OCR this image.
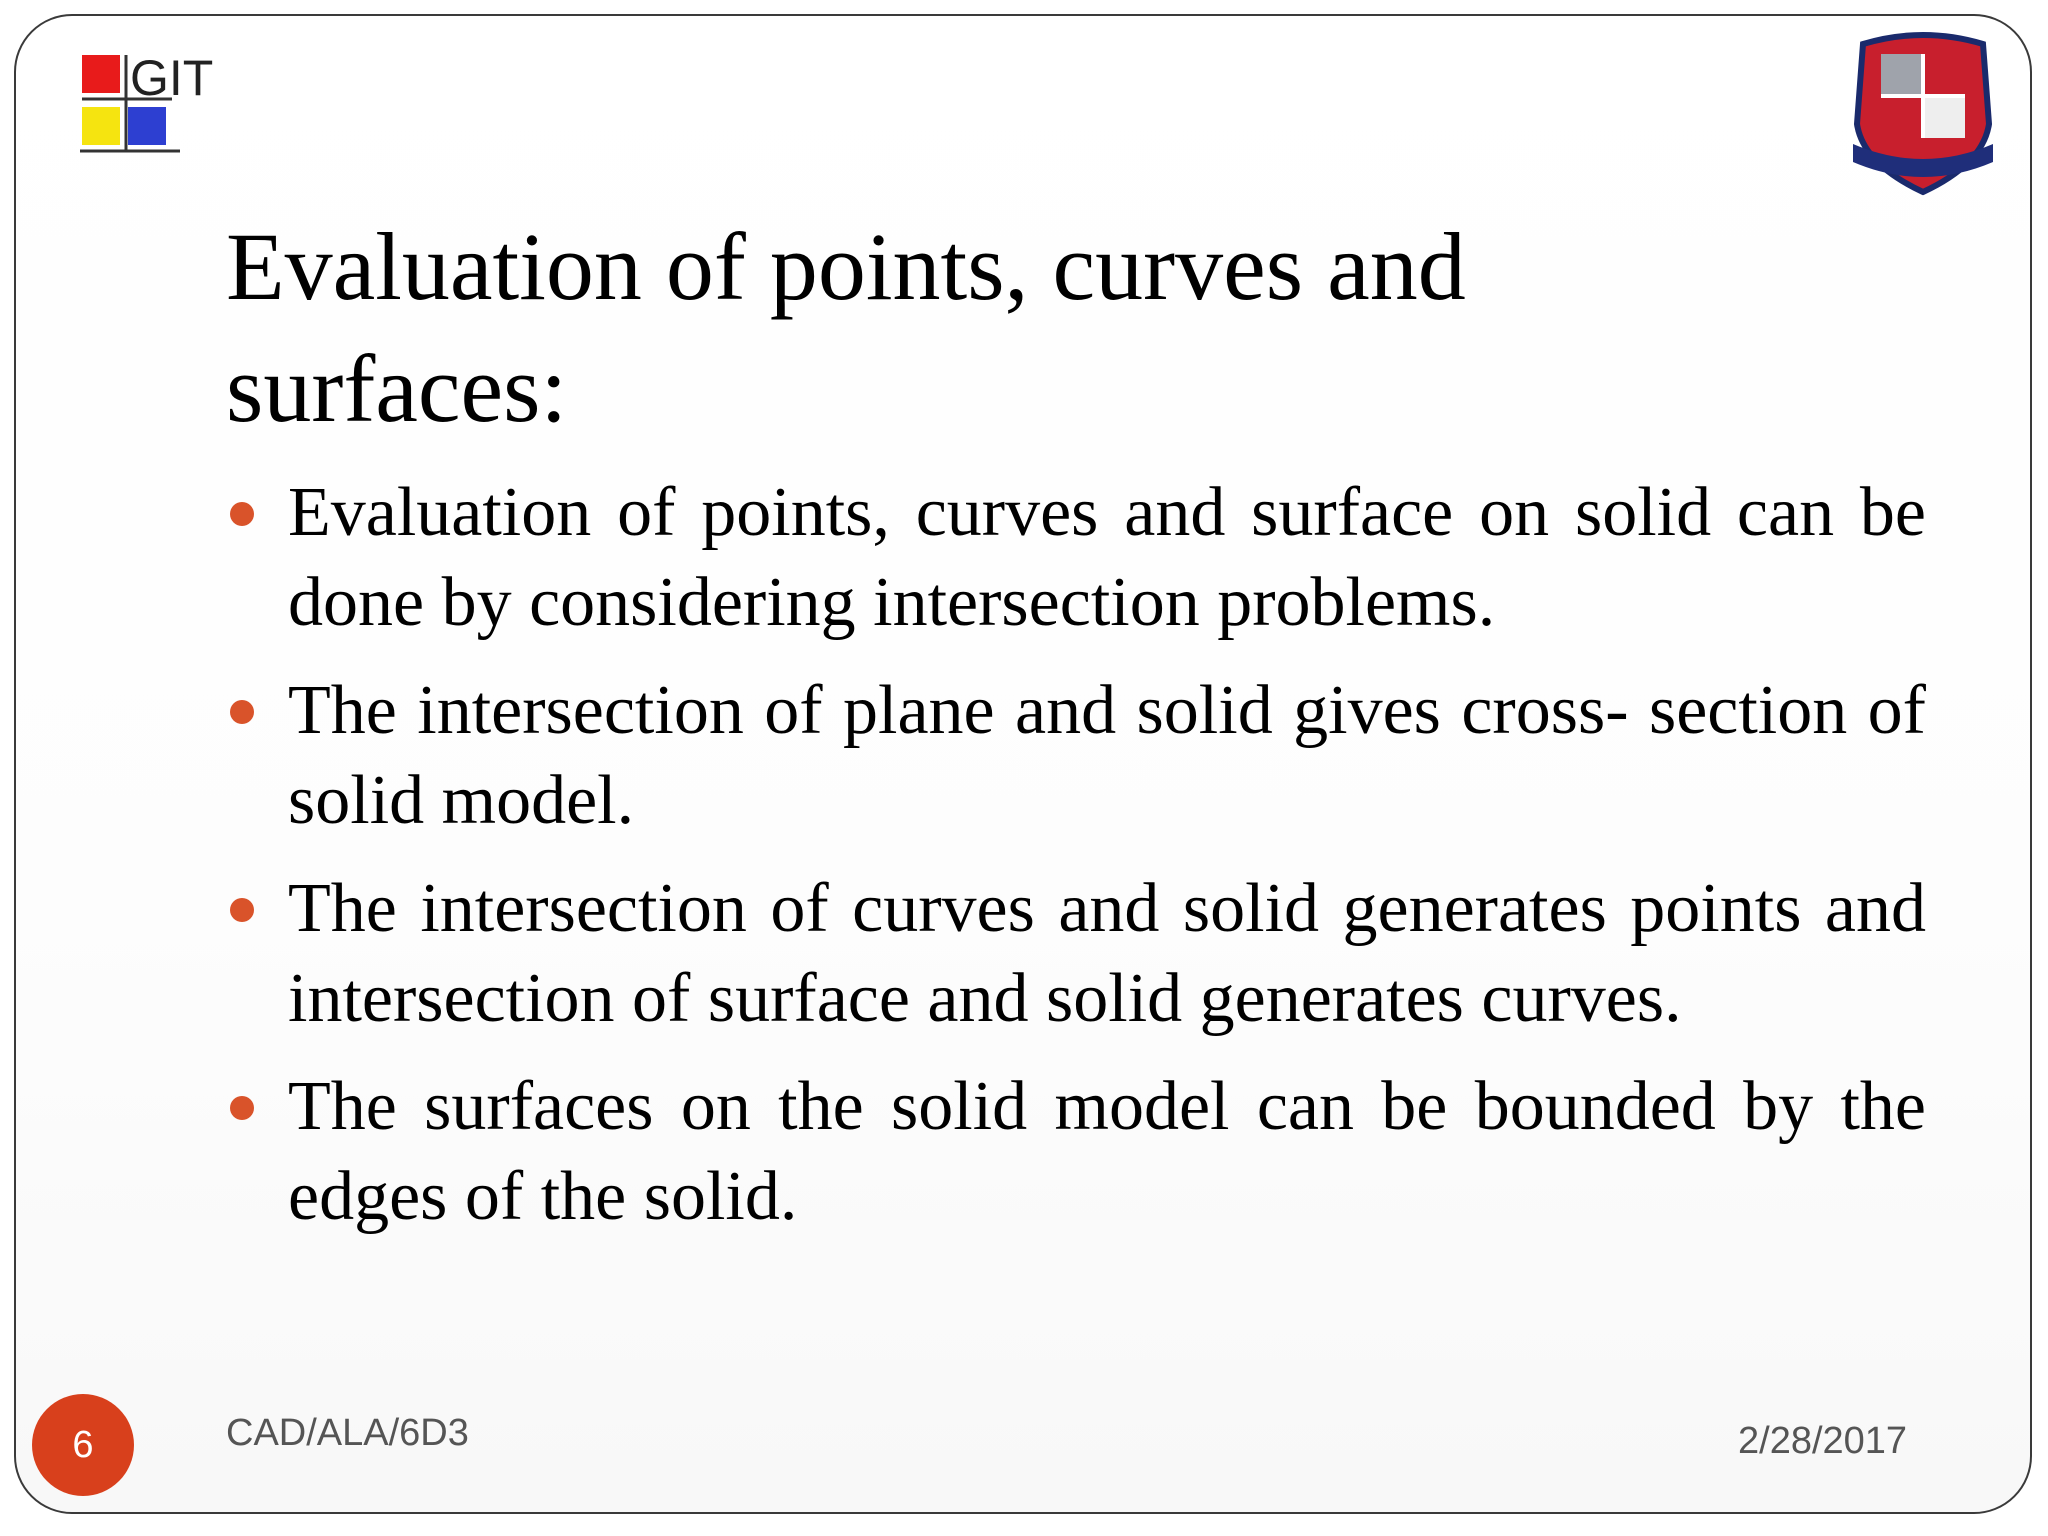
GIT
Evaluation of points, curves and surfaces:
Evaluation of points, curves and surface on solid can be done by considering intersection problems.
The intersection of plane and solid gives cross- section of solid model.
The intersection of curves and solid generates points and intersection of surface and solid generates curves.
The surfaces on the solid model can be bounded by the edges of the solid.
6	CAD/ALA/6D3	2/28/2017
